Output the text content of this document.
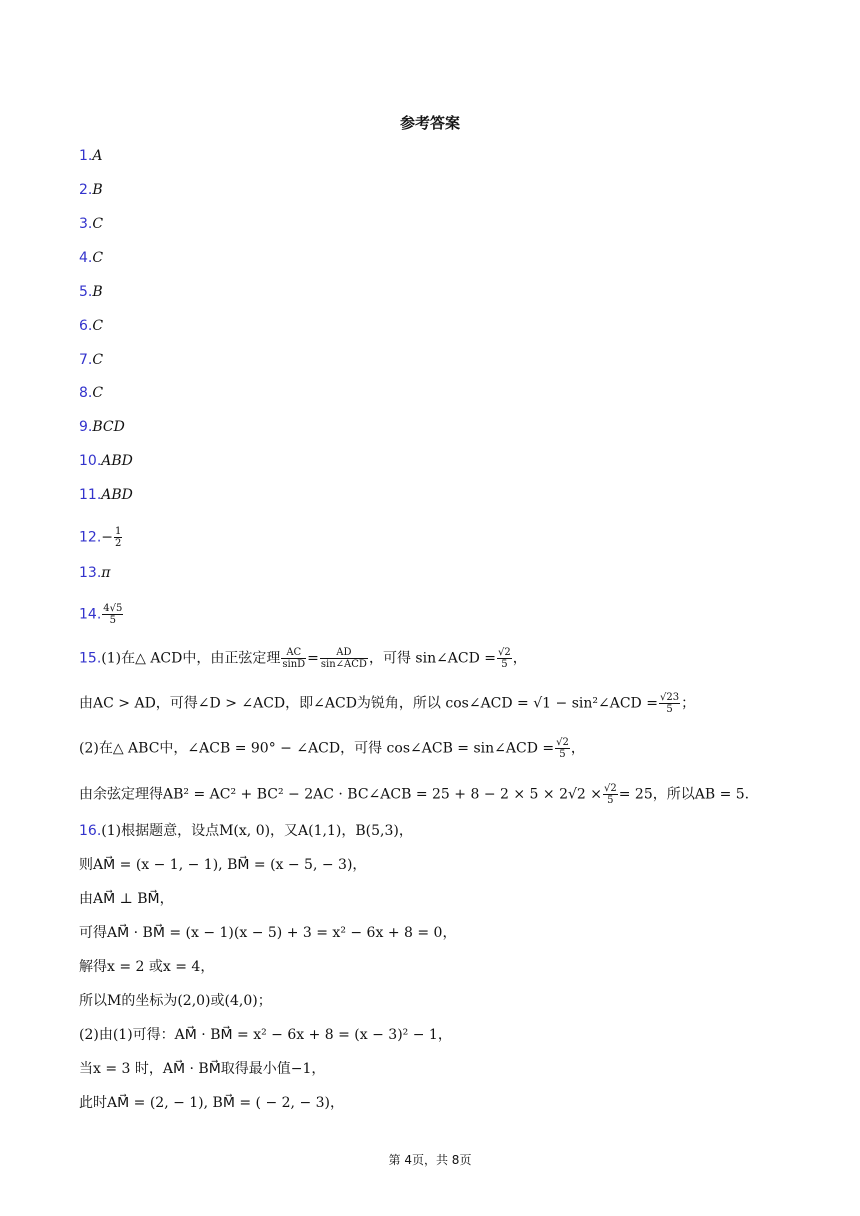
参考答案
1.A
2.B
3.C
4.C
5.B
6.C
7.C
8.C
9.BCD
10.ABD
11.ABD
$12.- \frac{1}{2}$
13.π
14. $\frac{4√5}{5}$
15.(1)在△ ACD中，由正弦定理 $\frac{AC}{\sin D} = \frac{AD}{\text{sin∠ACD}}$ ，可得 sin∠ACD = $\frac{√2}{5}$ ，
由AC > AD，可得∠D > ∠ACD，即∠ACD为锐角，所以 cos∠ACD = √1 − sin²∠ACD = $\frac{√23}{5}$ ；
(2)在△ ABC中，∠ACB = 90° − ∠ACD，可得 cos∠ACB = sin∠ACD = $\frac{√2}{5}$ ，
由余弦定理得AB² = AC² + BC² − 2AC · BC∠ACB = $25 + 8 - 2 \times 5 \times 2√2 \times \frac{√2}{5} = 25$，所以AB = 5.
16.(1)根据题意，设点M(x, 0)，又A(1,1)，B(5,3)，
则AM⃗ = (x − 1, − 1), BM⃗ = (x − 5, − 3)，
由AM⃗ ⊥ BM⃗，
可得AM⃗ · BM⃗ = (x − 1)(x − 5) + 3 = x² − 6x + 8 = 0，
解得x = 2 或x = 4，
所以M的坐标为(2,0)或(4,0)；
(2)由(1)可得：AM⃗ · BM⃗ = x² − 6x + 8 = (x − 3)² − 1，
当x = 3 时，AM⃗ · BM⃗取得最小值−1，
此时AM⃗ = (2, − 1), BM⃗ = ( − 2, − 3)，
第 4页，共 8页
